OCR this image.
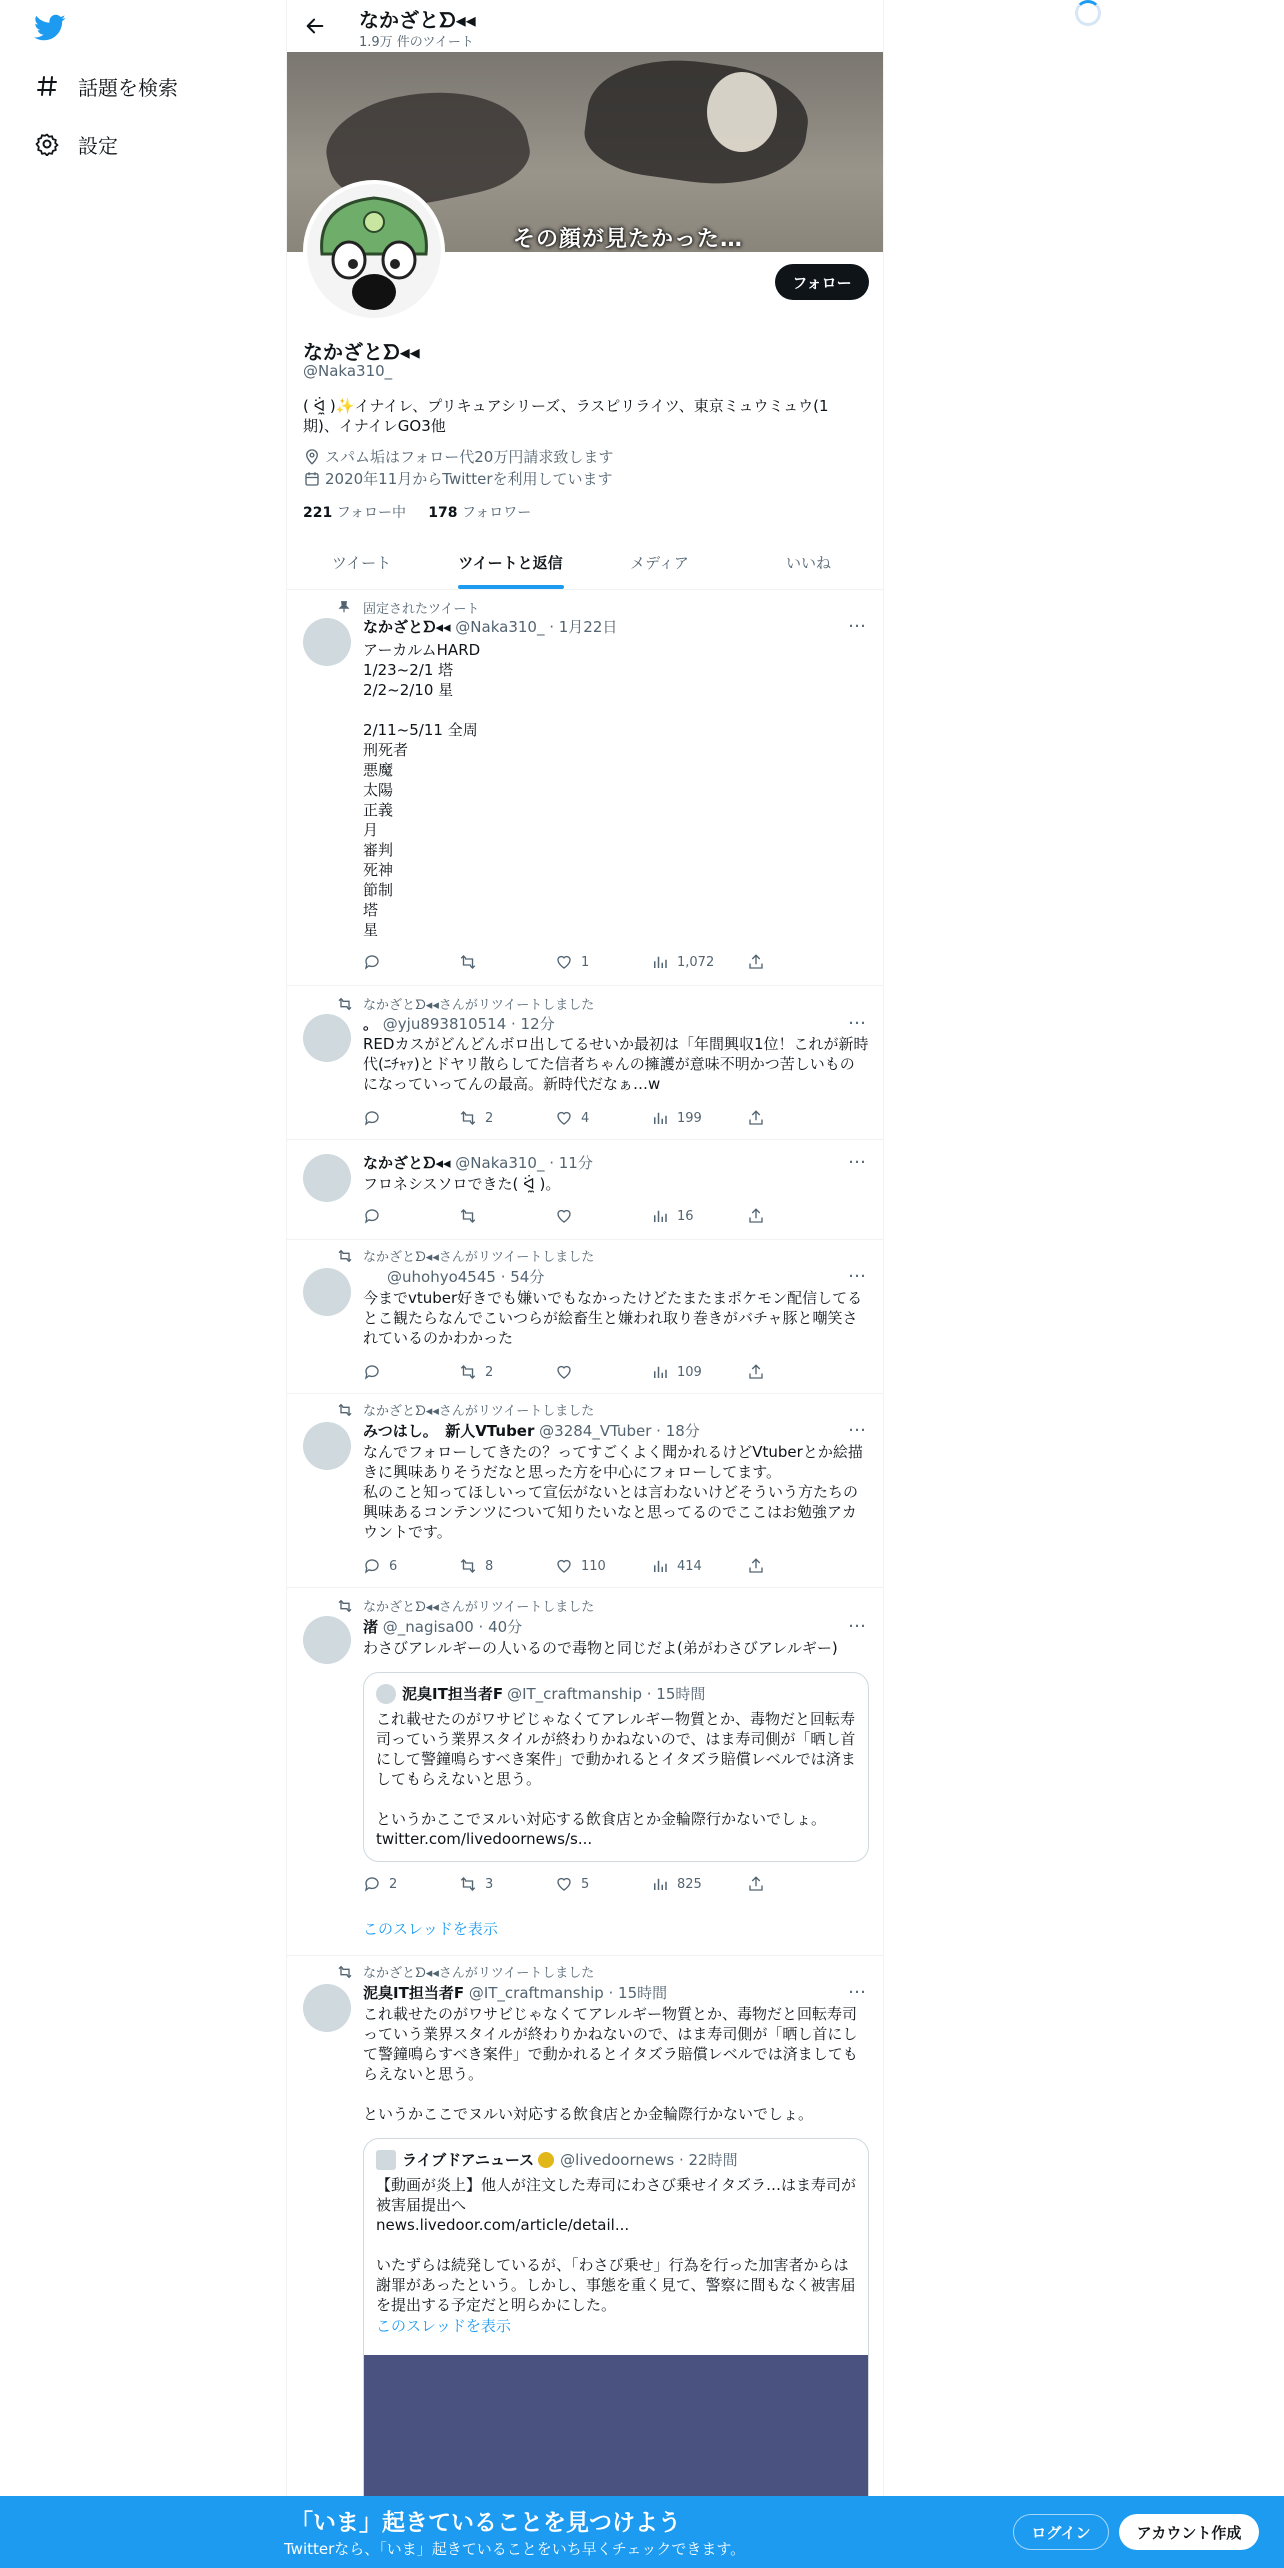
話題を検索
設定
なかざとᗤ◂◂
1.9万 件のツイート
その顔が見たかった…
フォロー
なかざとᗤ◂◂
@Naka310_
( ᐛ̼ )✨イナイレ、プリキュアシリーズ、ラスピリライツ、東京ミュウミュウ(1期)、イナイレGO3他
スパム垢はフォロー代20万円請求致します
2020年11月からTwitterを利用しています
221 フォロー中 178 フォロワー
ツイート	ツイートと返信	メディア	いいね
固定されたツイート
なかざとᗤ◂◂ @Naka310_ · 1月22日	…
アーカルムHARD
1/23~2/1 塔
2/2~2/10 星

2/11~5/11 全周
刑死者
悪魔
太陽
正義
月
審判
死神
節制
塔
星
1	1,072
なかざとᗤ◂◂さんがリツイートしました
。 @yju893810514 · 12分	…
REDカスがどんどんボロ出してるせいか最初は「年間興収1位！これが新時代(ﾆﾁｬｧ)とドヤリ散らしてた信者ちゃんの擁護が意味不明かつ苦しいものになっていってんの最高。新時代だなぁ…w
2	4	199
なかざとᗤ◂◂ @Naka310_ · 11分	…
フロネシスソロできた( ᐛ̼ )｡
16
なかざとᗤ◂◂さんがリツイートしました
@uhohyo4545 · 54分	…
今までvtuber好きでも嫌いでもなかったけどたまたまポケモン配信してるとこ観たらなんでこいつらが絵畜生と嫌われ取り巻きがバチャ豚と嘲笑されているのかわかった
2	109
なかざとᗤ◂◂さんがリツイートしました
みつはし。　新人VTuber @3284_VTuber · 18分	…
なんでフォローしてきたの？ってすごくよく聞かれるけどVtuberとか絵描きに興味ありそうだなと思った方を中心にフォローしてます。
私のこと知ってほしいって宣伝がないとは言わないけどそういう方たちの興味あるコンテンツについて知りたいなと思ってるのでここはお勉強アカウントです。
6	8	110	414
なかざとᗤ◂◂さんがリツイートしました
渚 @_nagisa00 · 40分	…
わさびアレルギーの人いるので毒物と同じだよ(弟がわさびアレルギー)
泥臭IT担当者F @IT_craftmanship · 15時間
これ載せたのがワサビじゃなくてアレルギー物質とか、毒物だと回転寿司っていう業界スタイルが終わりかねないので、はま寿司側が「晒し首にして警鐘鳴らすべき案件」で動かれるとイタズラ賠償レベルでは済ましてもらえないと思う。

というかここでヌルい対応する飲食店とか金輪際行かないでしょ。
twitter.com/livedoornews/s...
2	3	5	825
このスレッドを表示
なかざとᗤ◂◂さんがリツイートしました
泥臭IT担当者F @IT_craftmanship · 15時間	…
これ載せたのがワサビじゃなくてアレルギー物質とか、毒物だと回転寿司っていう業界スタイルが終わりかねないので、はま寿司側が「晒し首にして警鐘鳴らすべき案件」で動かれるとイタズラ賠償レベルでは済ましてもらえないと思う。

というかここでヌルい対応する飲食店とか金輪際行かないでしょ。
ライブドアニュース @livedoornews · 22時間
【動画が炎上】他人が注文した寿司にわさび乗せイタズラ…はま寿司が被害届提出へ
news.livedoor.com/article/detail...

いたずらは続発しているが、「わさび乗せ」行為を行った加害者からは謝罪があったという。しかし、事態を重く見て、警察に間もなく被害届を提出する予定だと明らかにした。
このスレッドを表示
「いま」起きていることを見つけよう
Twitterなら、「いま」起きていることをいち早くチェックできます。
ログイン	アカウント作成
